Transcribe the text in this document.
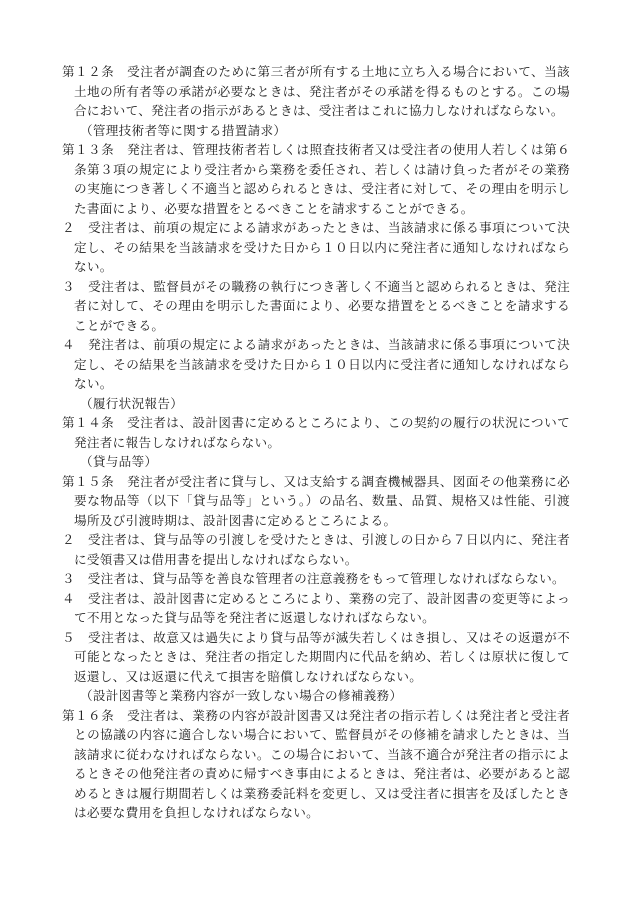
第１２条　受注者が調査のために第三者が所有する土地に立ち入る場合において、当該土地の所有者等の承諾が必要なときは、発注者がその承諾を得るものとする。この場合において、発注者の指示があるときは、受注者はこれに協力しなければならない。

（管理技術者等に関する措置請求）

第１３条　発注者は、管理技術者若しくは照査技術者又は受注者の使用人若しくは第６条第３項の規定により受注者から業務を委任され、若しくは請け負った者がその業務の実施につき著しく不適当と認められるときは、受注者に対して、その理由を明示した書面により、必要な措置をとるべきことを請求することができる。

２　受注者は、前項の規定による請求があったときは、当該請求に係る事項について決定し、その結果を当該請求を受けた日から１０日以内に発注者に通知しなければならない。

３　受注者は、監督員がその職務の執行につき著しく不適当と認められるときは、発注者に対して、その理由を明示した書面により、必要な措置をとるべきことを請求することができる。

４　発注者は、前項の規定による請求があったときは、当該請求に係る事項について決定し、その結果を当該請求を受けた日から１０日以内に受注者に通知しなければならない。

（履行状況報告）

第１４条　受注者は、設計図書に定めるところにより、この契約の履行の状況について発注者に報告しなければならない。

（貸与品等）

第１５条　発注者が受注者に貸与し、又は支給する調査機械器具、図面その他業務に必要な物品等（以下「貸与品等」という。）の品名、数量、品質、規格又は性能、引渡場所及び引渡時期は、設計図書に定めるところによる。

２　受注者は、貸与品等の引渡しを受けたときは、引渡しの日から７日以内に、発注者に受領書又は借用書を提出しなければならない。

３　受注者は、貸与品等を善良な管理者の注意義務をもって管理しなければならない。

４　受注者は、設計図書に定めるところにより、業務の完了、設計図書の変更等によって不用となった貸与品等を発注者に返還しなければならない。

５　受注者は、故意又は過失により貸与品等が滅失若しくはき損し、又はその返還が不可能となったときは、発注者の指定した期間内に代品を納め、若しくは原状に復して返還し、又は返還に代えて損害を賠償しなければならない。

（設計図書等と業務内容が一致しない場合の修補義務）

第１６条　受注者は、業務の内容が設計図書又は発注者の指示若しくは発注者と受注者との協議の内容に適合しない場合において、監督員がその修補を請求したときは、当該請求に従わなければならない。この場合において、当該不適合が発注者の指示によるときその他発注者の責めに帰すべき事由によるときは、発注者は、必要があると認めるときは履行期間若しくは業務委託料を変更し、又は受注者に損害を及ぼしたときは必要な費用を負担しなければならない。
